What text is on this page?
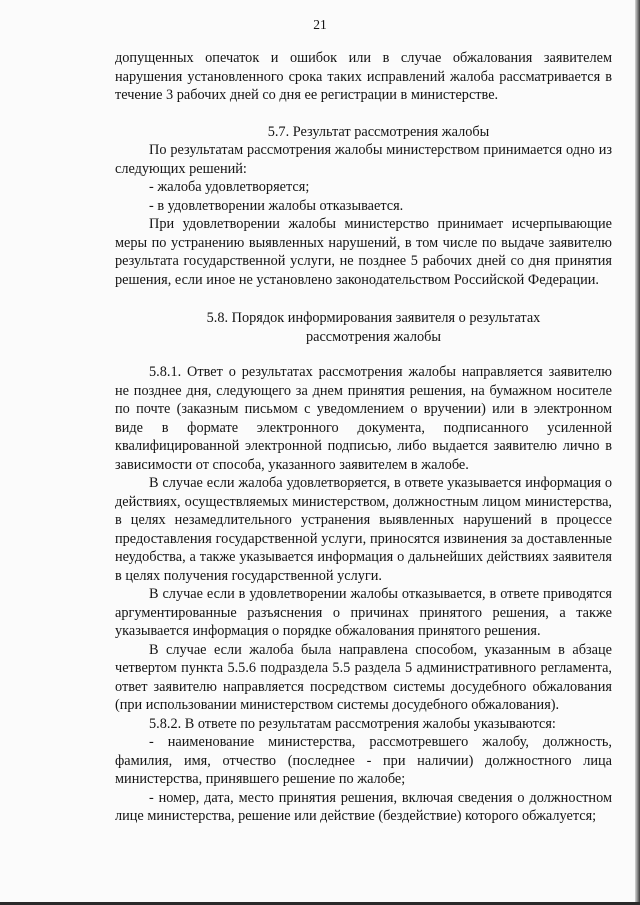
21

допущенных опечаток и ошибок или в случае обжалования заявителем нарушения установленного срока таких исправлений жалоба рассматривается в течение 3 рабочих дней со дня ее регистрации в министерстве.

5.7. Результат рассмотрения жалобы

По результатам рассмотрения жалобы министерством принимается одно из следующих решений:

- жалоба удовлетворяется;

- в удовлетворении жалобы отказывается.

При удовлетворении жалобы министерство принимает исчерпывающие меры по устранению выявленных нарушений, в том числе по выдаче заявителю результата государственной услуги, не позднее 5 рабочих дней со дня принятия решения, если иное не установлено законодательством Российской Федерации.

5.8. Порядок информирования заявителя о результатах
рассмотрения жалобы

5.8.1. Ответ о результатах рассмотрения жалобы направляется заявителю не позднее дня, следующего за днем принятия решения, на бумажном носителе по почте (заказным письмом с уведомлением о вручении) или в электронном виде в формате электронного документа, подписанного усиленной квалифицированной электронной подписью, либо выдается заявителю лично в зависимости от способа, указанного заявителем в жалобе.

В случае если жалоба удовлетворяется, в ответе указывается информация о действиях, осуществляемых министерством, должностным лицом министерства, в целях незамедлительного устранения выявленных нарушений в процессе предоставления государственной услуги, приносятся извинения за доставленные неудобства, а также указывается информация о дальнейших действиях заявителя в целях получения государственной услуги.

В случае если в удовлетворении жалобы отказывается, в ответе приводятся аргументированные разъяснения о причинах принятого решения, а также указывается информация о порядке обжалования принятого решения.

В случае если жалоба была направлена способом, указанным в абзаце четвертом пункта 5.5.6 подраздела 5.5 раздела 5 административного регламента, ответ заявителю направляется посредством системы досудебного обжалования (при использовании министерством системы досудебного обжалования).

5.8.2. В ответе по результатам рассмотрения жалобы указываются:

- наименование министерства, рассмотревшего жалобу, должность, фамилия, имя, отчество (последнее - при наличии) должностного лица министерства, принявшего решение по жалобе;

- номер, дата, место принятия решения, включая сведения о должностном лице министерства, решение или действие (бездействие) которого обжалуется;
